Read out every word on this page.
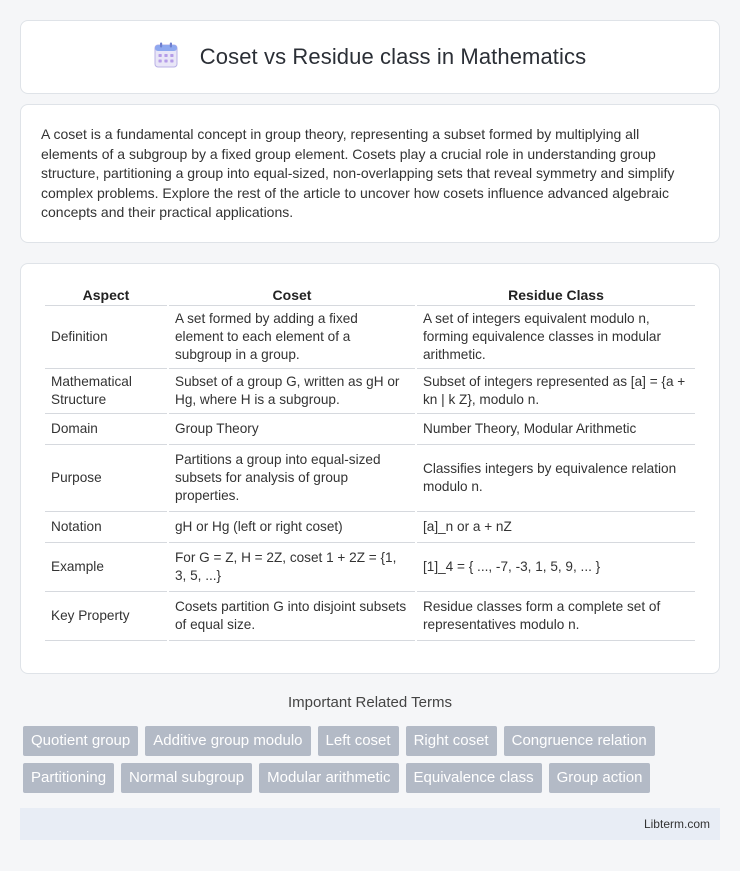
Coset vs Residue class in Mathematics

A coset is a fundamental concept in group theory, representing a subset formed by multiplying all elements of a subgroup by a fixed group element. Cosets play a crucial role in understanding group structure, partitioning a group into equal-sized, non-overlapping sets that reveal symmetry and simplify complex problems. Explore the rest of the article to uncover how cosets influence advanced algebraic concepts and their practical applications.

Aspect	Coset	Residue Class
Definition	A set formed by adding a fixed element to each element of a subgroup in a group.	A set of integers equivalent modulo n, forming equivalence classes in modular arithmetic.
Mathematical Structure	Subset of a group G, written as gH or Hg, where H is a subgroup.	Subset of integers represented as [a] = {a + kn | k Z}, modulo n.
Domain	Group Theory	Number Theory, Modular Arithmetic
Purpose	Partitions a group into equal-sized subsets for analysis of group properties.	Classifies integers by equivalence relation modulo n.
Notation	gH or Hg (left or right coset)	[a]_n or a + nZ
Example	For G = Z, H = 2Z, coset 1 + 2Z = {1, 3, 5, ...}	[1]_4 = { ..., -7, -3, 1, 5, 9, ... }
Key Property	Cosets partition G into disjoint subsets of equal size.	Residue classes form a complete set of representatives modulo n.
Important Related Terms
Quotient group	Additive group modulo	Left coset	Right coset	Congruence relation
Partitioning	Normal subgroup	Modular arithmetic	Equivalence class	Group action
Libterm.com
